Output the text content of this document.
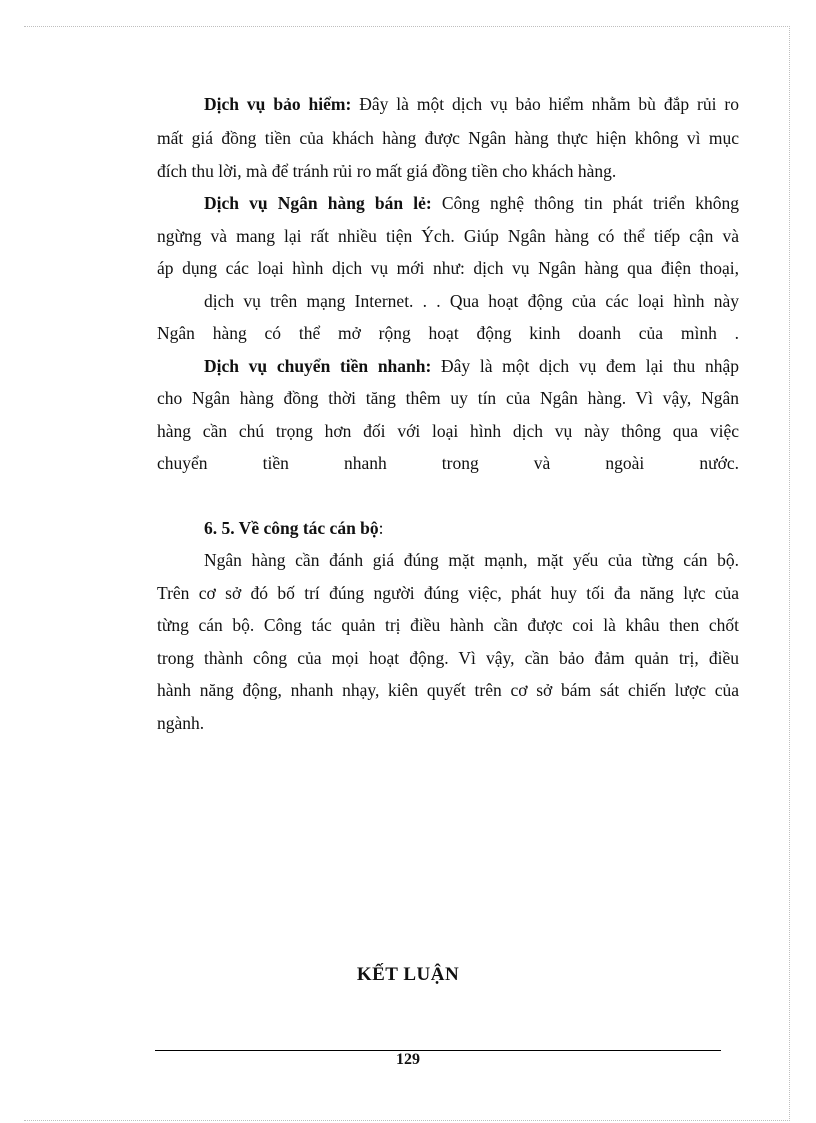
Dịch vụ bảo hiểm: Đây là một dịch vụ bảo hiểm nhằm bù đắp rủi ro
mất giá đồng tiền của khách hàng được Ngân hàng thực hiện không vì mục
đích thu lời, mà để tránh rủi ro mất giá đồng tiền cho khách hàng.
Dịch vụ Ngân hàng bán lẻ: Công nghệ thông tin phát triển không
ngừng và mang lại rất nhiều tiện Ých. Giúp Ngân hàng có thể tiếp cận và
áp dụng các loại hình dịch vụ mới như: dịch vụ Ngân hàng qua điện thoại,
dịch vụ trên mạng Internet. . . Qua hoạt động của các loại hình này
Ngân hàng có thể mở rộng hoạt động kinh doanh của mình .
Dịch vụ chuyển tiền nhanh: Đây là một dịch vụ đem lại thu nhập
cho Ngân hàng đồng thời tăng thêm uy tín của Ngân hàng. Vì vậy, Ngân
hàng cần chú trọng hơn đối với loại hình dịch vụ này thông qua việc
chuyển tiền nhanh trong và ngoài nước.
6. 5. Về công tác cán bộ:
Ngân hàng cần đánh giá đúng mặt mạnh, mặt yếu của từng cán bộ.
Trên cơ sở đó bố trí đúng người đúng việc, phát huy tối đa năng lực của
từng cán bộ. Công tác quản trị điều hành cần được coi là khâu then chốt
trong thành công của mọi hoạt động. Vì vậy, cần bảo đảm quản trị, điều
hành năng động, nhanh nhạy, kiên quyết trên cơ sở bám sát chiến lược của
ngành.
KẾT LUẬN
129
